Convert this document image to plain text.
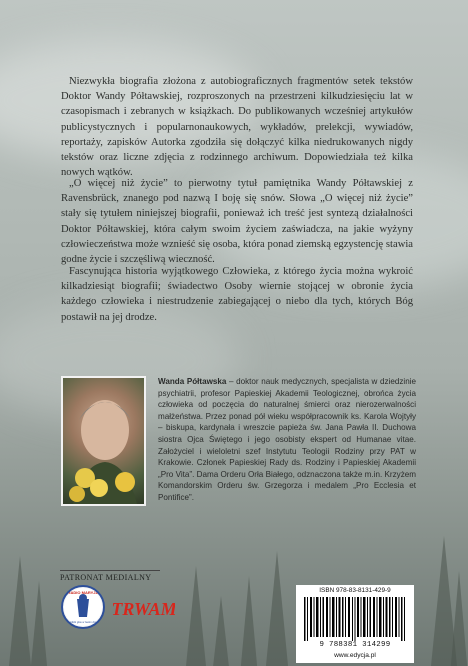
Niezwykła biografia złożona z autobiograficznych fragmentów setek tekstów Doktor Wandy Półtawskiej, rozproszonych na przestrzeni kilkudziesięciu lat w czasopismach i zebranych w książkach. Do publikowanych wcześniej artykułów publicystycznych i popularnonaukowych, wykładów, prelekcji, wywiadów, reportaży, zapisków Autorka zgodziła się dołączyć kilka niedrukowanych nigdy tekstów oraz liczne zdjęcia z rodzinnego archiwum. Dopowiedziała też kilka nowych wątków.

„O więcej niż życie” to pierwotny tytuł pamiętnika Wandy Półtawskiej z Ravensbrück, znanego pod nazwą I boję się snów. Słowa „O więcej niż życie” stały się tytułem niniejszej biografii, ponieważ ich treść jest syntezą działalności Doktor Półtawskiej, która całym swoim życiem zaświadcza, na jakie wyżyny człowieczeństwa może wznieść się osoba, która ponad ziemską egzystencję stawia godne życie i szczęśliwą wieczność.

Fascynująca historia wyjątkowego Człowieka, z którego życia można wykroić kilkadziesiąt biografii; świadectwo Osoby wiernie stojącej w obronie życia każdego człowieka i niestrudzenie zabiegającej o niebo dla tych, których Bóg postawił na jej drodze.

Wanda Półtawska – doktor nauk medycznych, specjalista w dziedzinie psychiatrii, profesor Papieskiej Akademii Teologicznej, obrońca życia człowieka od poczęcia do naturalnej śmierci oraz nierozerwalności małżeństwa. Przez ponad pół wieku współpracownik ks. Karola Wojtyły – biskupa, kardynała i wreszcie papieża św. Jana Pawła II. Duchowa siostra Ojca Świętego i jego osobisty ekspert od Humanae vitae. Założyciel i wieloletni szef Instytutu Teologii Rodziny przy PAT w Krakowie. Członek Papieskiej Rady ds. Rodziny i Papieskiej Akademii „Pro Vita”. Dama Orderu Orła Białego, odznaczona także m.in. Krzyżem Komandorskim Orderu św. Grzegorza i medalem „Pro Ecclesia et Pontifice”.

PATRONAT MEDIALNY
RADIO MARYJA
katolicki głos w twoim domu
TRWAM
ISBN 978-83-8131-429-9
9 788381 314299
www.edycja.pl
